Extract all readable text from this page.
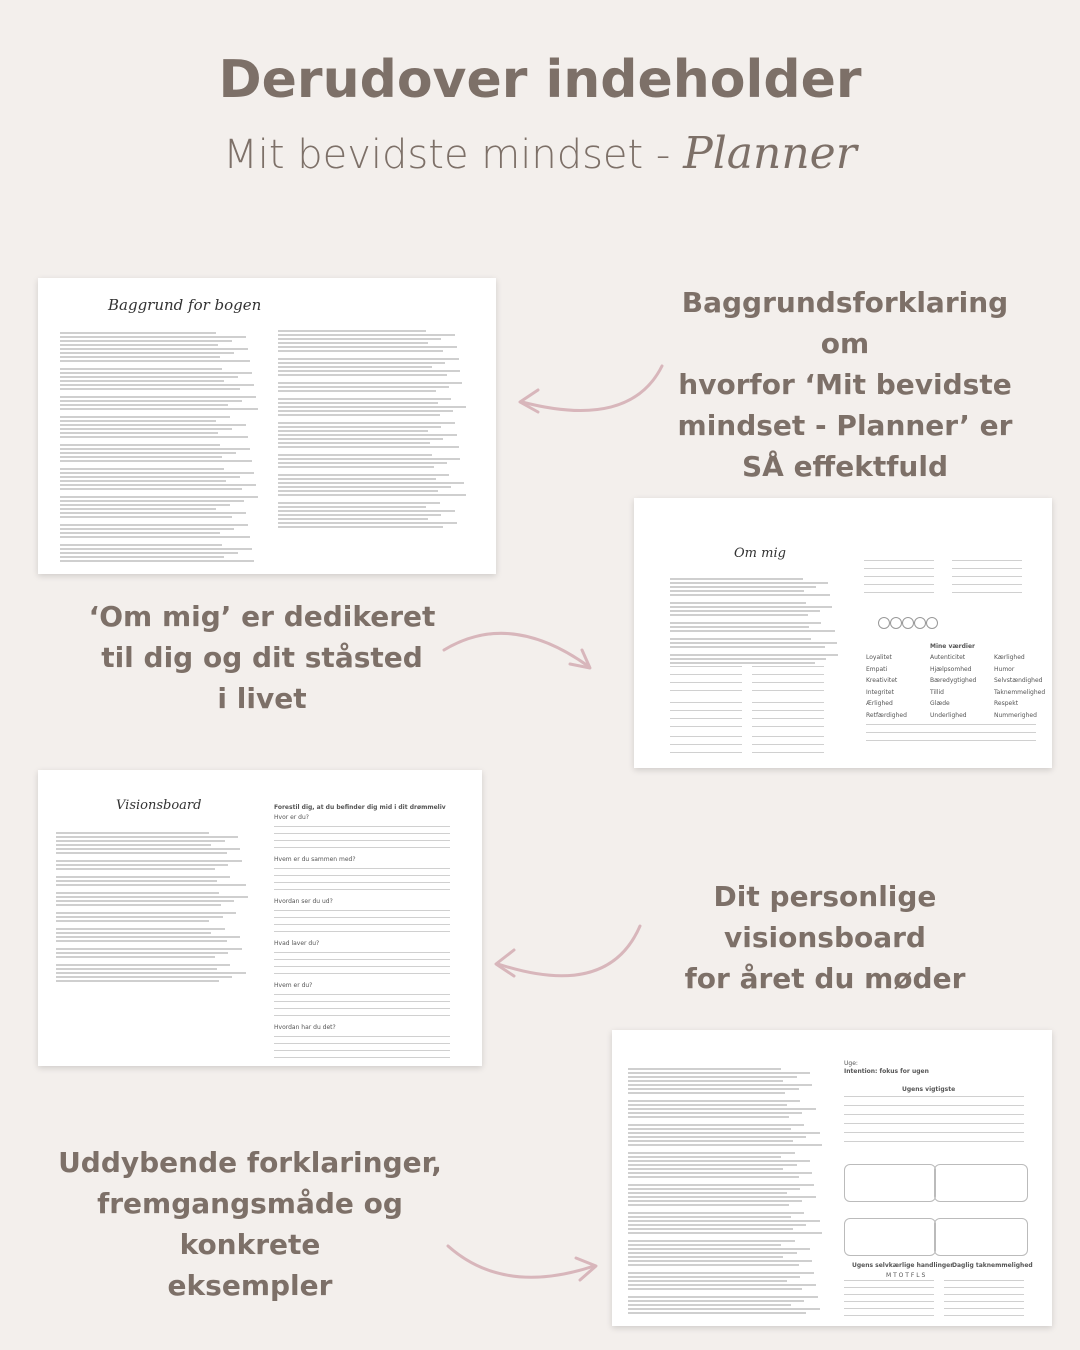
Derudover indeholder
Mit bevidste mindset - Planner
Baggrund for bogen
Om mig
Mine værdier
Loyalitet	Autenticitet	Kærlighed
Empati	Hjælpsomhed	Humor
Kreativitet	Bæredygtighed	Selvstændighed
Integritet	Tillid	Taknemmelighed
Ærlighed	Glæde	Respekt
Retfærdighed	Underlighed	Nummerighed
Visionsboard	Forestil dig, at du befinder dig mid i dit drømmeliv
Hvor er du?
Hvem er du sammen med?
Hvordan ser du ud?
Hvad laver du?
Hvem er du?
Hvordan har du det?
Uge:
Intention: fokus for ugen
Ugens vigtigste
Ugens selvkærlige handlinger
Daglig taknemmelighed
M T O T F L S
Baggrundsforklaring om
hvorfor ‘Mit bevidste
mindset - Planner’ er
SÅ effektfuld
‘Om mig’ er dedikeret
til dig og dit ståsted
i livet
Dit personlige visionsboard
for året du møder
Uddybende forklaringer,
fremgangsmåde og konkrete
eksempler
